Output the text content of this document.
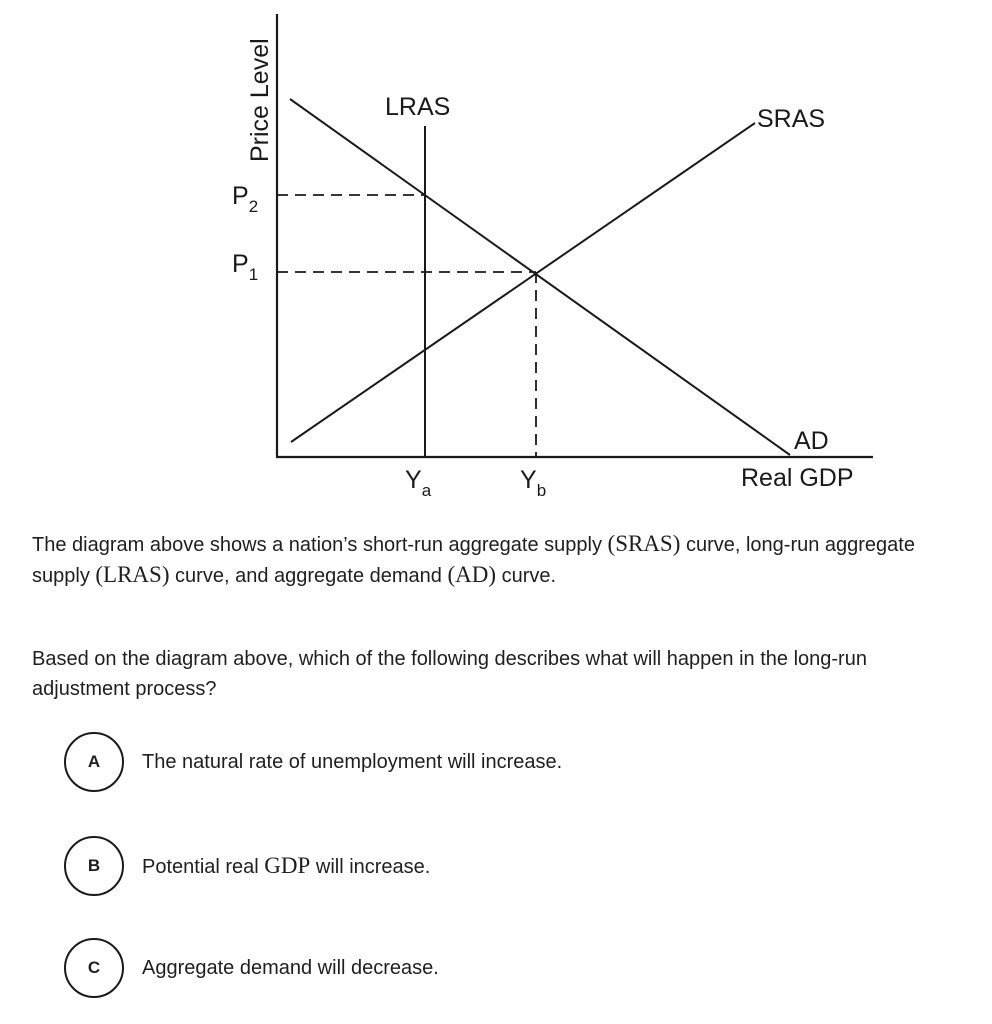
Price Level
$P_2$
$P_1$
$Y_a$	$Y_b$
LRAS	SRAS
AD
Real GDP
The diagram above shows a nation’s short-run aggregate supply (SRAS) curve, long-run aggregate
supply (LRAS) curve, and aggregate demand (AD) curve.
Based on the diagram above, which of the following describes what will happen in the long-run
adjustment process?
A	The natural rate of unemployment will increase.
B	Potential real GDP will increase.
C	Aggregate demand will decrease.
